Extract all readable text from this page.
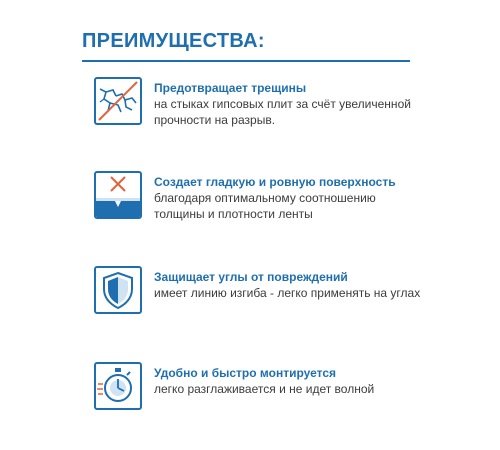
ПРЕИМУЩЕСТВА:

Предотвращает трещины

на стыках гипсовых плит за счёт увеличенной прочности на разрыв.

Создает гладкую и ровную поверхность

благодаря оптимальному соотношению толщины и плотности ленты

Защищает углы от повреждений

имеет линию изгиба - легко применять на углах

Удобно и быстро монтируется

легко разглаживается и не идет волной
